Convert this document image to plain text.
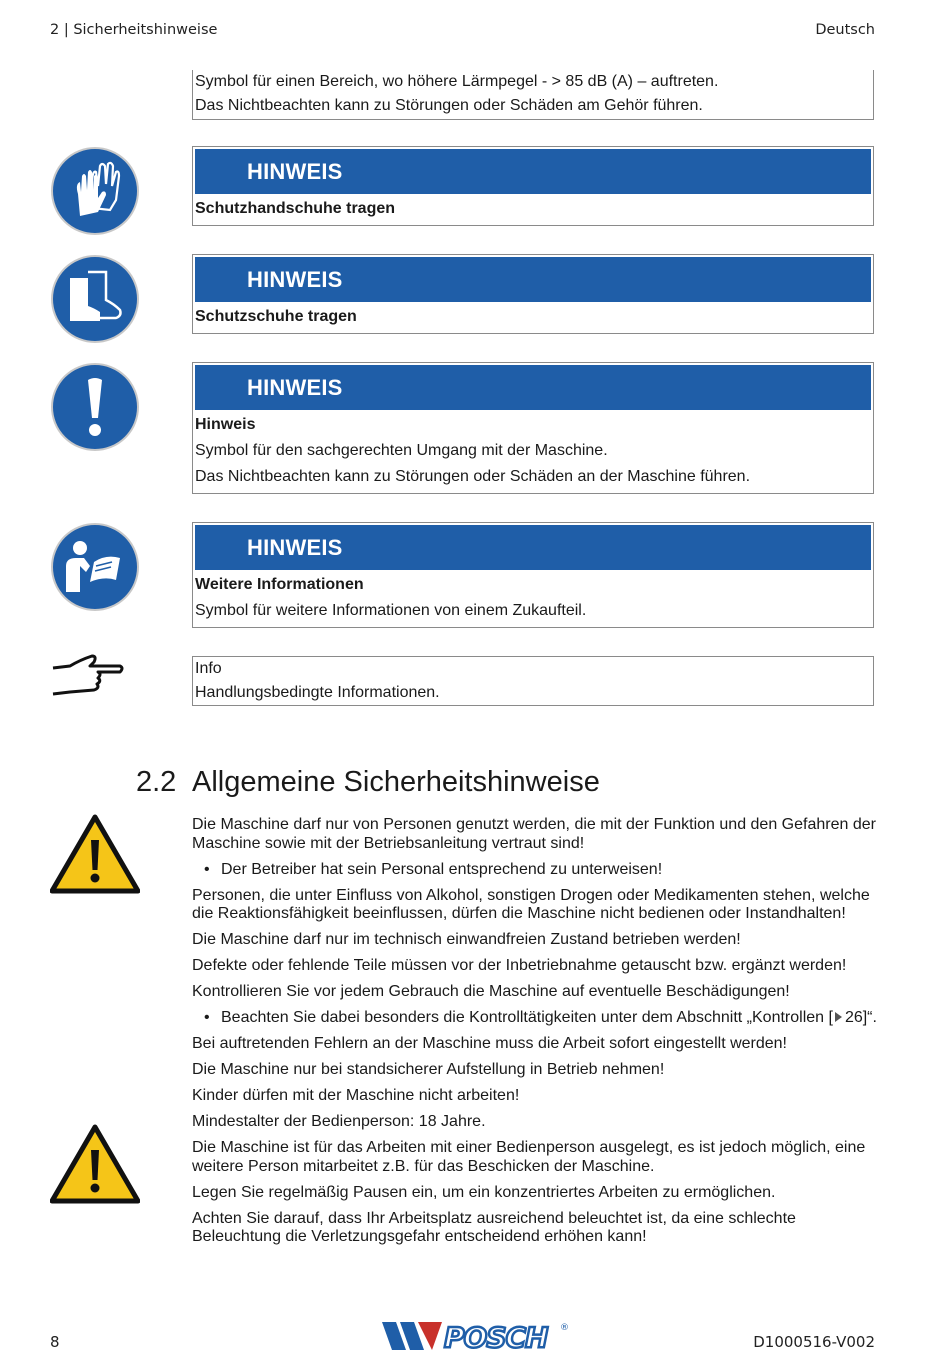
2 | Sicherheitshinweise	Deutsch
Symbol für einen Bereich, wo höhere Lärmpegel - > 85 dB (A) – auftreten.
Das Nichtbeachten kann zu Störungen oder Schäden am Gehör führen.
HINWEIS
Schutzhandschuhe tragen
HINWEIS
Schutzschuhe tragen
HINWEIS
Hinweis
Symbol für den sachgerechten Umgang mit der Maschine.
Das Nichtbeachten kann zu Störungen oder Schäden an der Maschine führen.
HINWEIS
Weitere Informationen
Symbol für weitere Informationen von einem Zukaufteil.
Info
Handlungsbedingte Informationen.
2.2 Allgemeine Sicherheitshinweise

Die Maschine darf nur von Personen genutzt werden, die mit der Funktion und den Gefahren der Maschine sowie mit der Betriebsanleitung vertraut sind!

• Der Betreiber hat sein Personal entsprechend zu unterweisen!

Personen, die unter Einfluss von Alkohol, sonstigen Drogen oder Medikamenten stehen, welche die Reaktionsfähigkeit beeinflussen, dürfen die Maschine nicht bedienen oder Instandhalten!

Die Maschine darf nur im technisch einwandfreien Zustand betrieben werden!

Defekte oder fehlende Teile müssen vor der Inbetriebnahme getauscht bzw. ergänzt werden!

Kontrollieren Sie vor jedem Gebrauch die Maschine auf eventuelle Beschädigungen!

• Beachten Sie dabei besonders die Kontrolltätigkeiten unter dem Abschnitt „Kontrollen [ 26]“.

Bei auftretenden Fehlern an der Maschine muss die Arbeit sofort eingestellt werden!

Die Maschine nur bei standsicherer Aufstellung in Betrieb nehmen!

Kinder dürfen mit der Maschine nicht arbeiten!

Mindestalter der Bedienperson: 18 Jahre.

Die Maschine ist für das Arbeiten mit einer Bedienperson ausgelegt, es ist jedoch möglich, eine weitere Person mitarbeitet z.B. für das Beschicken der Maschine.

Legen Sie regelmäßig Pausen ein, um ein konzentriertes Arbeiten zu ermöglichen.

Achten Sie darauf, dass Ihr Arbeitsplatz ausreichend beleuchtet ist, da eine schlechte Beleuchtung die Verletzungsgefahr entscheidend erhöhen kann!

8	POSCH ®
D1000516-V002
